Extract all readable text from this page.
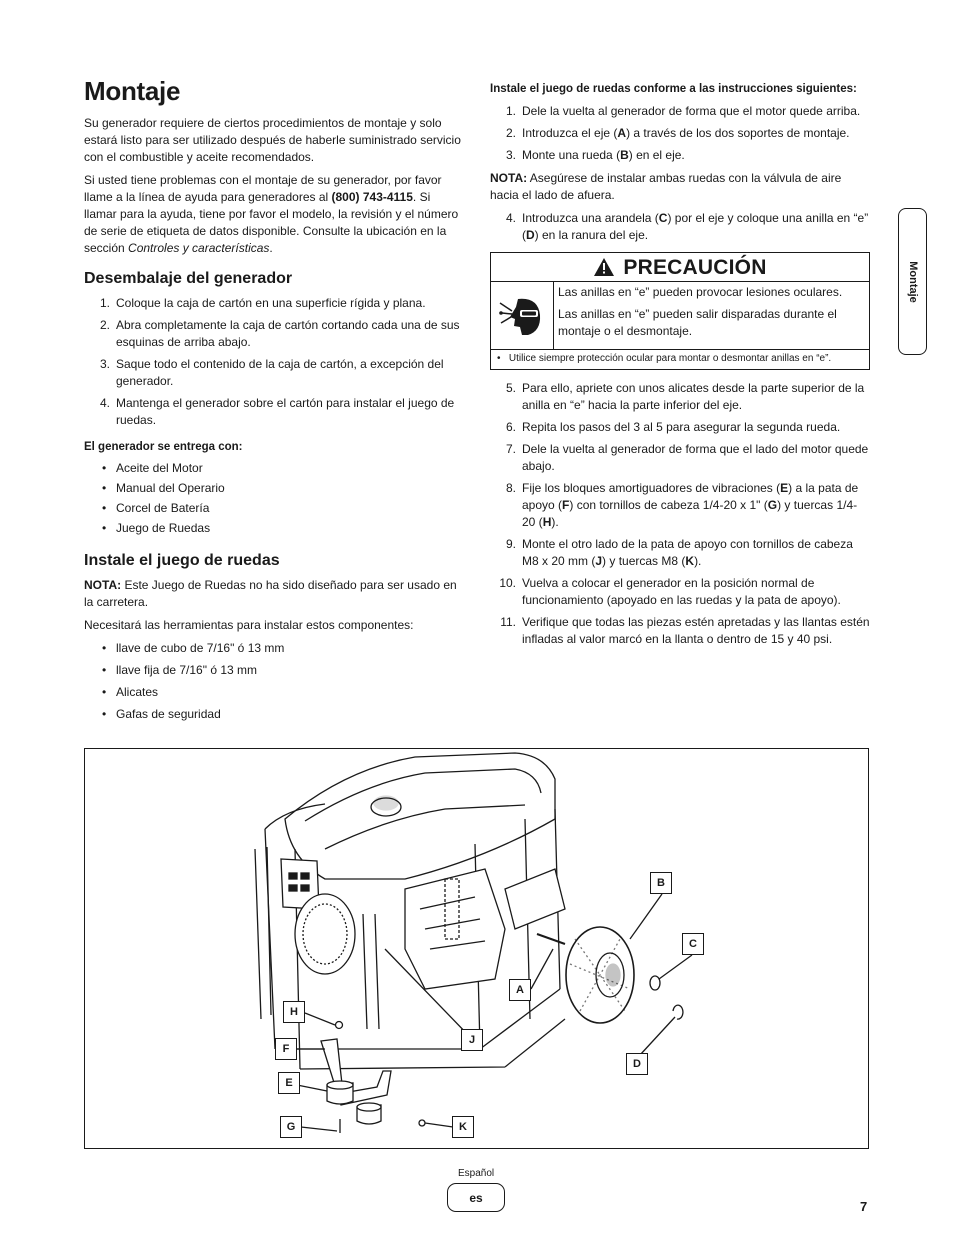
Montaje

Su generador requiere de ciertos procedimientos de montaje y solo estará listo para ser utilizado después de haberle suministrado servicio con el combustible y aceite recomendados.

Si usted tiene problemas con el montaje de su generador, por favor llame a la línea de ayuda para generadores al (800) 743-4115. Si llamar para la ayuda, tiene por favor el modelo, la revisión y el número de serie de etiqueta de datos disponible. Consulte la ubicación en la sección Controles y características.

Desembalaje del generador
1. Coloque la caja de cartón en una superficie rígida y plana.
2. Abra completamente la caja de cartón cortando cada una de sus esquinas de arriba abajo.
3. Saque todo el contenido de la caja de cartón, a excepción del generador.
4. Mantenga el generador sobre el cartón para instalar el juego de ruedas.
El generador se entrega con:
• Aceite del Motor
• Manual del Operario
• Corcel de Batería
• Juego de Ruedas
Instale el juego de ruedas

NOTA: Este Juego de Ruedas no ha sido diseñado para ser usado en la carretera.

Necesitará las herramientas para instalar estos componentes:

• llave de cubo de 7/16" ó 13 mm
• llave fija de 7/16" ó 13 mm
• Alicates
• Gafas de seguridad
Instale el juego de ruedas conforme a las instrucciones siguientes:
1. Dele la vuelta al generador de forma que el motor quede arriba.
2. Introduzca el eje (A) a través de los dos soportes de montaje.
3. Monte una rueda (B) en el eje.

NOTA: Asegúrese de instalar ambas ruedas con la válvula de aire hacia el lado de afuera.

4. Introduzca una arandela (C) por el eje y coloque una anilla en “e” (D) en la ranura del eje.
PRECAUCIÓN

Las anillas en “e” pueden provocar lesiones oculares.

Las anillas en “e” pueden salir disparadas durante el montaje o el desmontaje.

•   Utilice siempre protección ocular para montar o desmontar anillas en “e”.
5. Para ello, apriete con unos alicates desde la parte superior de la anilla en “e” hacia la parte inferior del eje.
6. Repita los pasos del 3 al 5 para asegurar la segunda rueda.
7. Dele la vuelta al generador de forma que el lado del motor quede abajo.
8. Fije los bloques amortiguadores de vibraciones (E) a la pata de apoyo (F) con tornillos de cabeza 1/4-20 x 1" (G) y tuercas 1/4-20 (H).
9. Monte el otro lado de la pata de apoyo con tornillos de cabeza M8 x 20 mm (J) y tuercas M8 (K).
10. Vuelva a colocar el generador en la posición normal de funcionamiento (apoyado en las ruedas y la pata de apoyo).
11. Verifique que todas las piezas estén apretadas y las llantas estén infladas al valor marcó en la llanta o dentro de 15 y 40 psi.
Montaje
B
C
A
H
J
F
D
E
G	K
Español
es
7
